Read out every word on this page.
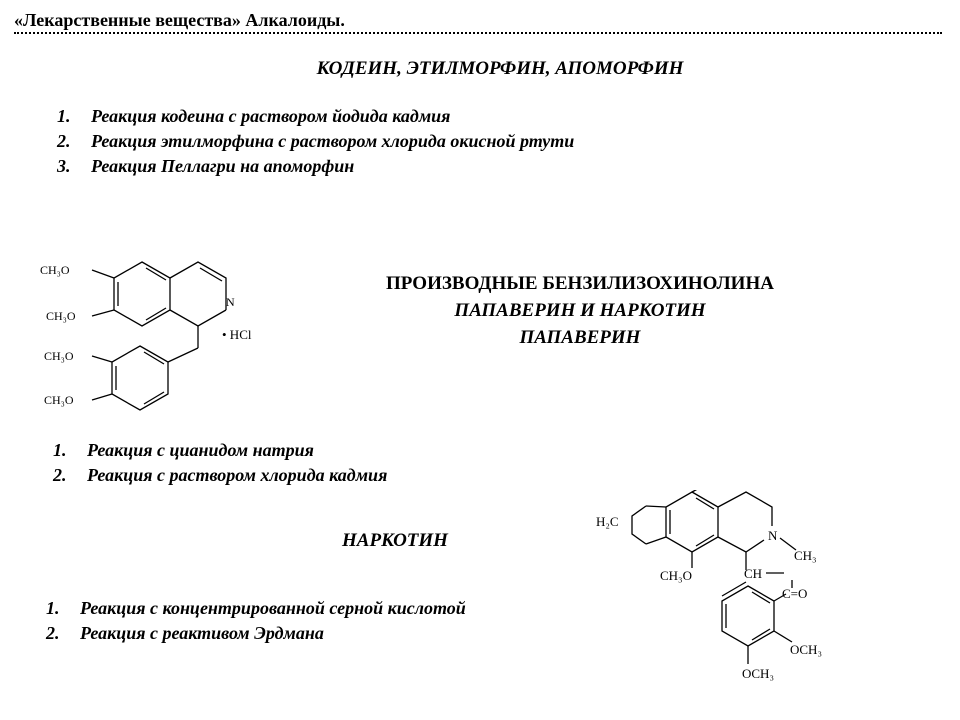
«Лекарственные вещества» Алкалоиды.
КОДЕИН, ЭТИЛМОРФИН, АПОМОРФИН
1. Реакция кодеина с раствором йодида кадмия
2. Реакция этилморфина с раствором хлорида окисной ртути
3. Реакция Пеллагри на апоморфин
CH₃O
CH₃O
N
CH₃O
CH₃O
• HCl
ПРОИЗВОДНЫЕ БЕНЗИЛИЗОХИНОЛИНА
ПАПАВЕРИН И НАРКОТИН
ПАПАВЕРИН
1. Реакция с цианидом натрия
2. Реакция с раствором хлорида кадмия
НАРКОТИН
1. Реакция с концентрированной серной кислотой
2. Реакция с реактивом Эрдмана
H₂C
N
CH₃
CH₃O	CH
C=O
OCH₃
OCH₃
